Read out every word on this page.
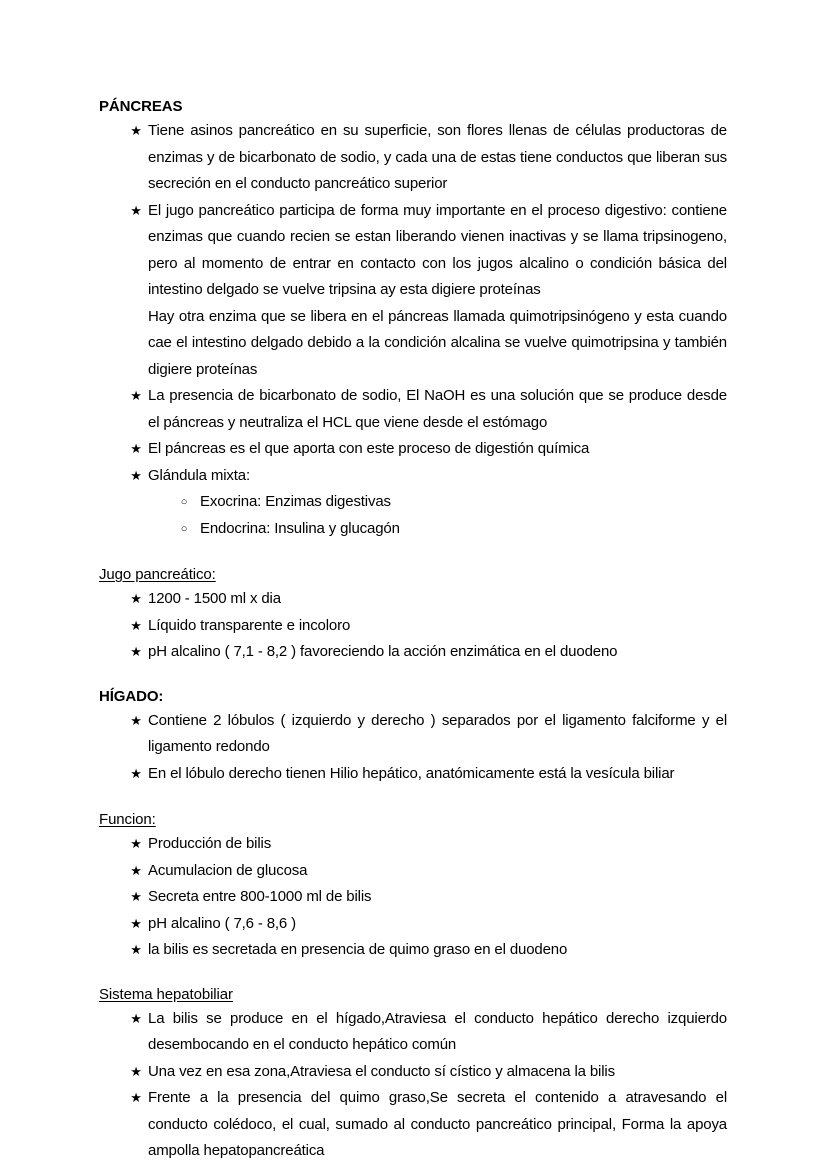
PÁNCREAS
★ Tiene asinos pancreático en su superficie, son flores llenas de células productoras de enzimas y de bicarbonato de sodio, y cada una de estas tiene conductos que liberan sus secreción en el conducto pancreático superior
★ El jugo pancreático participa de forma muy importante en el proceso digestivo: contiene enzimas que cuando recien se estan liberando vienen inactivas y se llama tripsinogeno, pero al momento de entrar en contacto con los jugos alcalino o condición básica del intestino delgado se vuelve tripsina ay esta digiere proteínas
Hay otra enzima que se libera en el páncreas llamada quimotripsinógeno y esta cuando cae el intestino delgado debido a la condición alcalina se vuelve quimotripsina y también digiere proteínas
★ La presencia de bicarbonato de sodio, El NaOH es una solución que se produce desde el páncreas y neutraliza el HCL que viene desde el estómago
★ El páncreas es el que aporta con este proceso de digestión química
★ Glándula mixta:
○ Exocrina: Enzimas digestivas
○ Endocrina: Insulina y glucagón
Jugo pancreático:
★ 1200 - 1500 ml x dia
★ Líquido transparente e incoloro
★ pH alcalino ( 7,1 - 8,2 ) favoreciendo la acción enzimática en el duodeno
HÍGADO:
★ Contiene 2 lóbulos ( izquierdo y derecho ) separados por el ligamento falciforme y el ligamento redondo
★ En el lóbulo derecho tienen Hilio hepático, anatómicamente está la vesícula biliar
Funcion:
★ Producción de bilis
★ Acumulacion de glucosa
★ Secreta entre 800-1000 ml de bilis
★ pH alcalino ( 7,6 - 8,6 )
★ la bilis es secretada en presencia de quimo graso en el duodeno
Sistema hepatobiliar
★ La bilis se produce en el hígado,Atraviesa el conducto hepático derecho izquierdo desembocando en el conducto hepático común
★ Una vez en esa zona,Atraviesa el conducto sí cístico y almacena la bilis
★ Frente a la presencia del quimo graso,Se secreta el contenido a atravesando el conducto colédoco, el cual, sumado al conducto pancreático principal, Forma la apoya ampolla hepatopancreática
